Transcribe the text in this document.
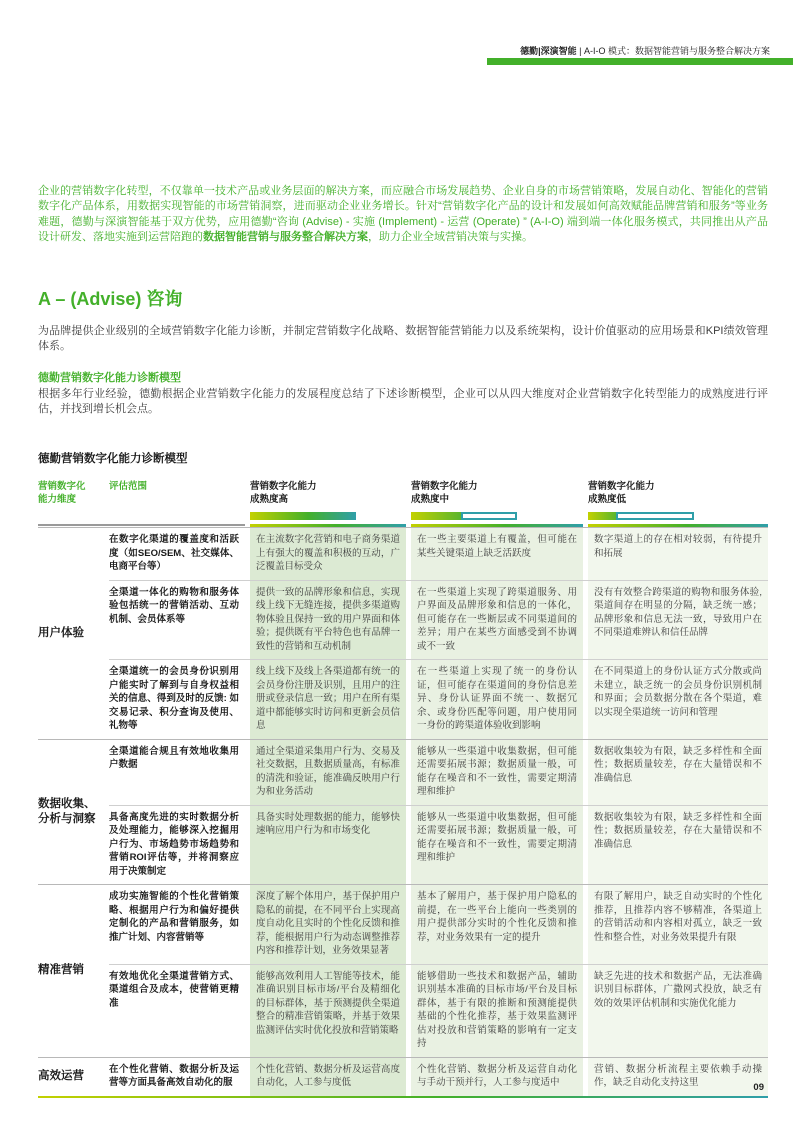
德勤|深演智能 | A-I-O 模式：数据智能营销与服务整合解决方案

企业的营销数字化转型，不仅靠单一技术产品或业务层面的解决方案，而应融合市场发展趋势、企业自身的市场营销策略，发展自动化、智能化的营销数字化产品体系，用数据实现智能的市场营销洞察，进而驱动企业业务增长。针对“营销数字化产品的设计和发展如何高效赋能品牌营销和服务”等业务难题，德勤与深演智能基于双方优势，应用德勤“咨询 (Advise) - 实施 (Implement) - 运营 (Operate) ” (A-I-O) 端到端一体化服务模式，共同推出从产品设计研发、落地实施到运营陪跑的数据智能营销与服务整合解决方案，助力企业全域营销决策与实操。

A – (Advise) 咨询

为品牌提供企业级别的全域营销数字化能力诊断，并制定营销数字化战略、数据智能营销能力以及系统架构，设计价值驱动的应用场景和KPI绩效管理体系。

德勤营销数字化能力诊断模型

根据多年行业经验，德勤根据企业营销数字化能力的发展程度总结了下述诊断模型，企业可以从四大维度对企业营销数字化转型能力的成熟度进行评估，并找到增长机会点。

德勤营销数字化能力诊断模型
营销数字化
能力维度
评估范围	营销数字化能力
成熟度高
营销数字化能力
成熟度中
营销数字化能力
成熟度低
用户体验
在数字化渠道的覆盖度和活跃度（如SEO/SEM、社交媒体、电商平台等）
在主流数字化营销和电子商务渠道上有强大的覆盖和积极的互动，广泛覆盖目标受众
在一些主要渠道上有覆盖，但可能在某些关键渠道上缺乏活跃度
数字渠道上的存在相对较弱，有待提升和拓展
全渠道一体化的购物和服务体验包括统一的营销活动、互动机制、会员体系等
提供一致的品牌形象和信息，实现线上线下无缝连接，提供多渠道购物体验且保持一致的用户界面和体验；提供既有平台特色也有品牌一致性的营销和互动机制
在一些渠道上实现了跨渠道服务、用户界面及品牌形象和信息的一体化，但可能存在一些断层或不同渠道间的差异；用户在某些方面感受到不协调或不一致
没有有效整合跨渠道的购物和服务体验,渠道间存在明显的分隔，缺乏统一感；品牌形象和信息无法一致，导致用户在不同渠道难辨认和信任品牌
全渠道统一的会员身份识别用户能实时了解到与自身权益相关的信息、得到及时的反馈: 如交易记录、积分查询及使用、礼物等
线上线下及线上各渠道都有统一的会员身份注册及识别，且用户的注册或登录信息一致；用户在所有渠道中都能够实时访问和更新会员信息
在一些渠道上实现了统一的身份认证，但可能存在渠道间的身份信息差异、身份认证界面不统一、数据冗余、或身份匹配等问题，用户使用同一身份的跨渠道体验收到影响
在不同渠道上的身份认证方式分散或尚未建立，缺乏统一的会员身份识别机制和界面；会员数据分散在各个渠道，难以实现全渠道统一访问和管理
数据收集、分析与洞察
全渠道能合规且有效地收集用户数据
通过全渠道采集用户行为、交易及社交数据，且数据质量高，有标准的清洗和验证，能准确反映用户行为和业务活动
能够从一些渠道中收集数据，但可能还需要拓展书源；数据质量一般，可能存在噪音和不一致性，需要定期清理和维护
数据收集较为有限，缺乏多样性和全面性；数据质量较差，存在大量错误和不准确信息
具备高度先进的实时数据分析及处理能力，能够深入挖掘用户行为、市场趋势市场趋势和营销ROI评估等，并将洞察应用于决策制定
具备实时处理数据的能力，能够快速响应用户行为和市场变化
能够从一些渠道中收集数据，但可能还需要拓展书源；数据质量一般，可能存在噪音和不一致性，需要定期清理和维护
数据收集较为有限，缺乏多样性和全面性；数据质量较差，存在大量错误和不准确信息
精准营销
成功实施智能的个性化营销策略、根据用户行为和偏好提供定制化的产品和营销服务，如推广计划、内容营销等
深度了解个体用户，基于保护用户隐私的前提，在不同平台上实现高度自动化且实时的个性化反馈和推荐，能根据用户行为动态调整推荐内容和推荐计划，业务效果显著
基本了解用户，基于保护用户隐私的前提，在一些平台上能向一些类别的用户提供部分实时的个性化反馈和推荐，对业务效果有一定的提升
有限了解用户，缺乏自动实时的个性化推荐，且推荐内容不够精准，各渠道上的营销活动和内容相对孤立，缺乏一致性和整合性，对业务效果提升有限
有效地优化全渠道营销方式、渠道组合及成本，使营销更精准
能够高效利用人工智能等技术，能准确识别目标市场/平台及精细化的目标群体，基于预测提供全渠道整合的精准营销策略，并基于效果监测评估实时优化投放和营销策略
能够借助一些技术和数据产品，辅助识别基本准确的目标市场/平台及目标群体，基于有限的推断和预测能提供基础的个性化推荐，基于效果监测评估对投放和营销策略的影响有一定支持
缺乏先进的技术和数据产品，无法准确识别目标群体，广撒网式投放，缺乏有效的效果评估机制和实施优化能力
高效运营
在个性化营销、数据分析及运营等方面具备高效自动化的服
个性化营销、数据分析及运营高度自动化，人工参与度低
个性化营销、数据分析及运营自动化与手动干预并行，人工参与度适中
营销、数据分析流程主要依赖手动操作，缺乏自动化支持这里	09
